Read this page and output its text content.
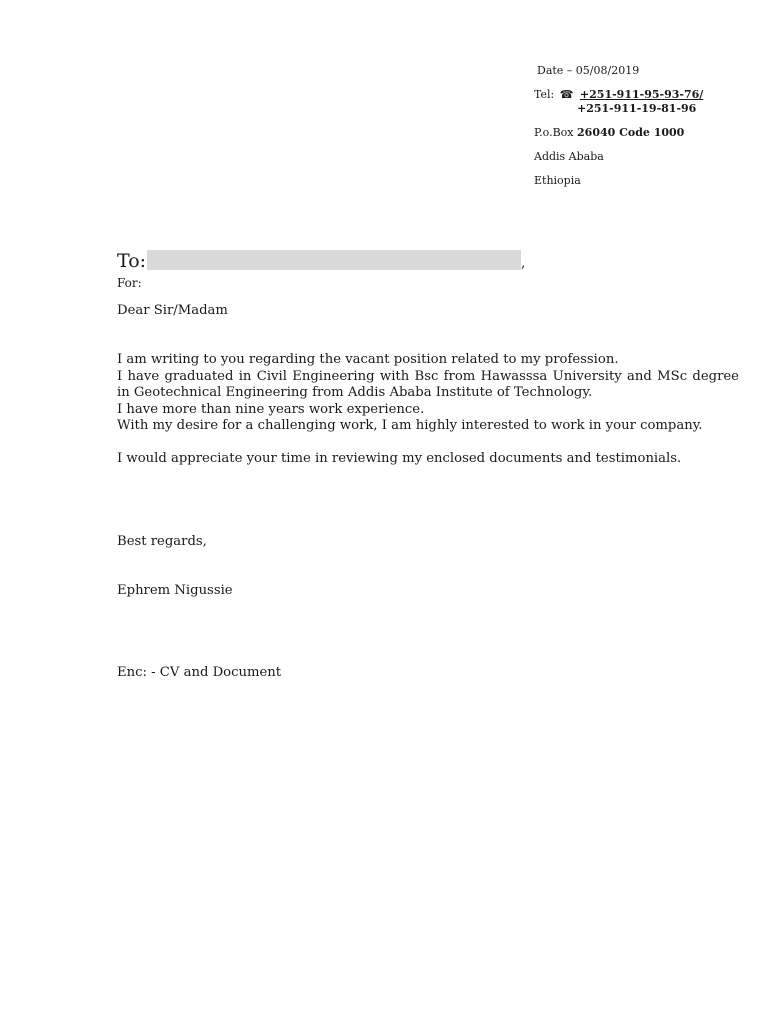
Date – 05/08/2019
Tel: ☎ +251-911-95-93-76/
+251-911-19-81-96
P.o.Box 26040 Code 1000
Addis Ababa
Ethiopia
To:	,
For:
Dear Sir/Madam

I am writing to you regarding the vacant position related to my profession.

I have graduated in Civil Engineering with Bsc from Hawasssa University and MSc degree in Geotechnical Engineering from Addis Ababa Institute of Technology.

I have more than nine years work experience.

With my desire for a challenging work, I am highly interested to work in your company.

I would appreciate your time in reviewing my enclosed documents and testimonials.

Best regards,
Ephrem Nigussie
Enc: - CV and Document
